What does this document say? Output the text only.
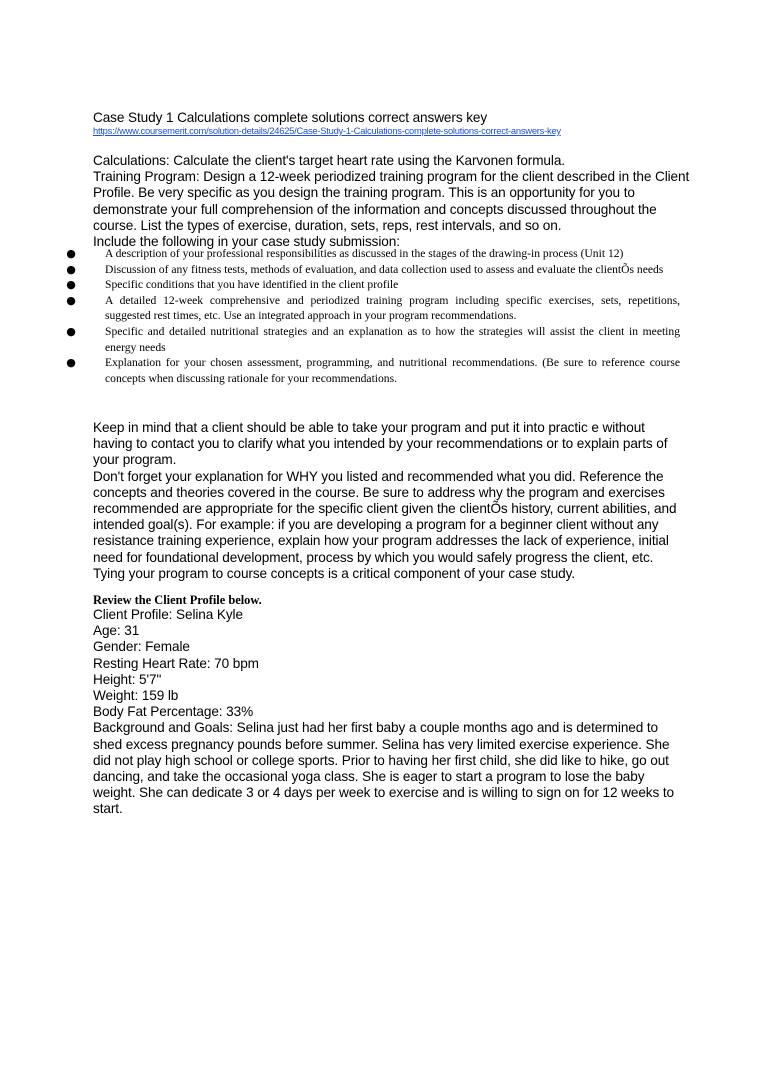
Case Study 1 Calculations complete solutions correct answers key
https://www.coursemerit.com/solution-details/24625/Case-Study-1-Calculations-complete-solutions-correct-answers-key

Calculations: Calculate the client's target heart rate using the Karvonen formula.

Training Program: Design a 12-week periodized training program for the client described in the Client Profile. Be very specific as you design the training program. This is an opportunity for you to demonstrate your full comprehension of the information and concepts discussed throughout the course. List the types of exercise, duration, sets, reps, rest intervals, and so on.

Include the following in your case study submission:

●	A description of your professional responsibilities as discussed in the stages of the drawing-in process (Unit 12)
●	Discussion of any fitness tests, methods of evaluation, and data collection used to assess and evaluate the clientÕs needs
●	Specific conditions that you have identified in the client profile
●	A detailed 12-week comprehensive and periodized training program including specific exercises, sets, repetitions, suggested rest times, etc. Use an integrated approach in your program recommendations.
●	Specific and detailed nutritional strategies and an explanation as to how the strategies will assist the client in meeting energy needs
●	Explanation for your chosen assessment, programming, and nutritional recommendations. (Be sure to reference course concepts when discussing rationale for your recommendations.

Keep in mind that a client should be able to take your program and put it into practic e without having to contact you to clarify what you intended by your recommendations or to explain parts of your program.

Don't forget your explanation for WHY you listed and recommended what you did. Reference the concepts and theories covered in the course. Be sure to address why the program and exercises recommended are appropriate for the specific client given the clientÕs history, current abilities, and intended goal(s). For example: if you are developing a program for a beginner client without any resistance training experience, explain how your program addresses the lack of experience, initial need for foundational development, process by which you would safely progress the client, etc. Tying your program to course concepts is a critical component of your case study.

Review the Client Profile below.

Client Profile: Selina Kyle

Age: 31

Gender: Female

Resting Heart Rate: 70 bpm

Height: 5'7"

Weight: 159 lb

Body Fat Percentage: 33%

Background and Goals: Selina just had her first baby a couple months ago and is determined to shed excess pregnancy pounds before summer. Selina has very limited exercise experience. She did not play high school or college sports. Prior to having her first child, she did like to hike, go out dancing, and take the occasional yoga class. She is eager to start a program to lose the baby weight. She can dedicate 3 or 4 days per week to exercise and is willing to sign on for 12 weeks to start.
